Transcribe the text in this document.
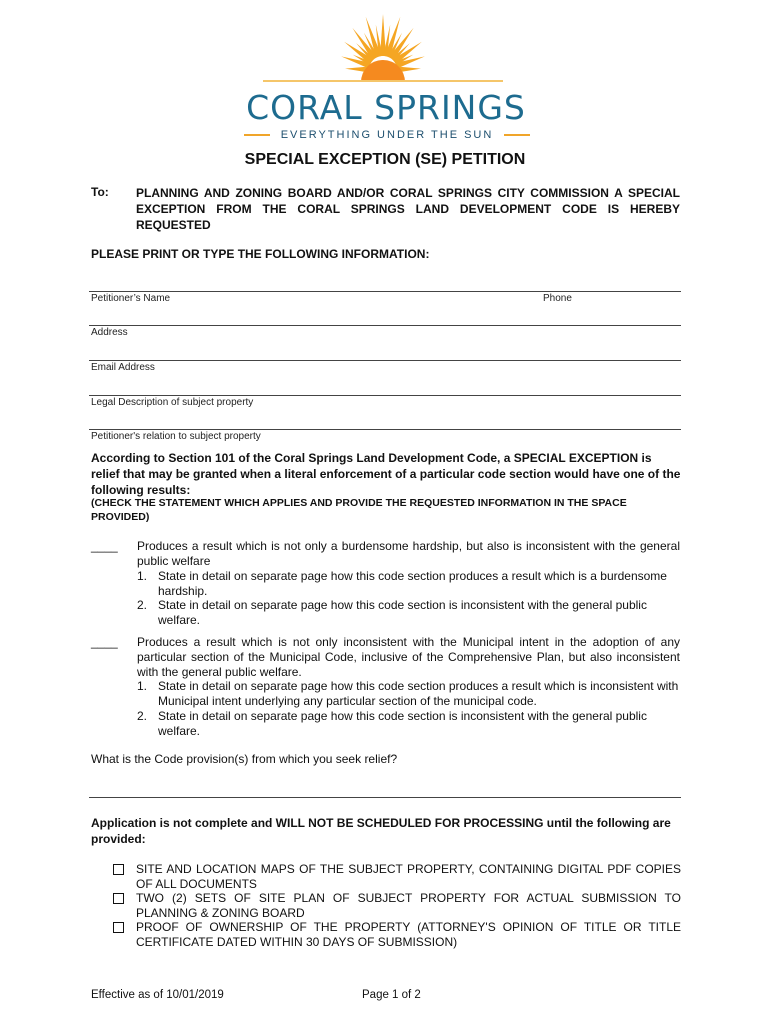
CORAL SPRINGS
EVERYTHING UNDER THE SUN
SPECIAL EXCEPTION (SE) PETITION
To: PLANNING AND ZONING BOARD AND/OR CORAL SPRINGS CITY COMMISSION A SPECIAL EXCEPTION FROM THE CORAL SPRINGS LAND DEVELOPMENT CODE IS HEREBY REQUESTED
PLEASE PRINT OR TYPE THE FOLLOWING INFORMATION:
Petitioner’s Name	Phone
Address
Email Address
Legal Description of subject property
Petitioner's relation to subject property
According to Section 101 of the Coral Springs Land Development Code, a SPECIAL EXCEPTION is relief that may be granted when a literal enforcement of a particular code section would have one of the following results:
(CHECK THE STATEMENT WHICH APPLIES AND PROVIDE THE REQUESTED INFORMATION IN THE SPACE PROVIDED)
____ Produces a result which is not only a burdensome hardship, but also is inconsistent with the general public welfare
1. State in detail on separate page how this code section produces a result which is a burdensome hardship.
2. State in detail on separate page how this code section is inconsistent with the general public welfare.
____ Produces a result which is not only inconsistent with the Municipal intent in the adoption of any particular section of the Municipal Code, inclusive of the Comprehensive Plan, but also inconsistent with the general public welfare.
1. State in detail on separate page how this code section produces a result which is inconsistent with Municipal intent underlying any particular section of the municipal code.
2. State in detail on separate page how this code section is inconsistent with the general public welfare.
What is the Code provision(s) from which you seek relief?
Application is not complete and WILL NOT BE SCHEDULED FOR PROCESSING until the following are provided:
SITE AND LOCATION MAPS OF THE SUBJECT PROPERTY, CONTAINING DIGITAL PDF COPIES OF ALL DOCUMENTS
TWO (2) SETS OF SITE PLAN OF SUBJECT PROPERTY FOR ACTUAL SUBMISSION TO PLANNING & ZONING BOARD
PROOF OF OWNERSHIP OF THE PROPERTY (ATTORNEY'S OPINION OF TITLE OR TITLE CERTIFICATE DATED WITHIN 30 DAYS OF SUBMISSION)
Effective as of 10/01/2019	Page 1 of 2
